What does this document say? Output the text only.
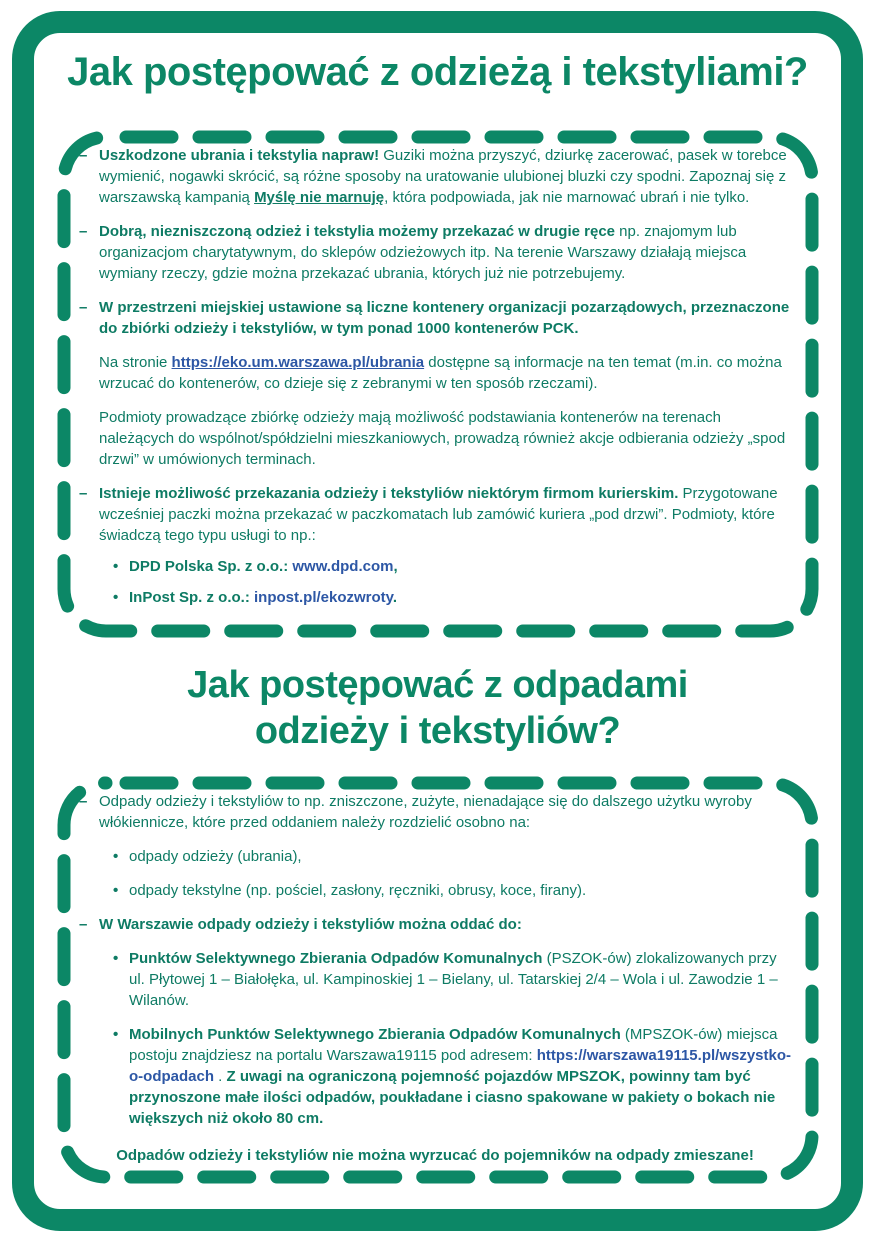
Jak postępować z odzieżą i tekstyliami?
– Uszkodzone ubrania i tekstylia napraw! Guziki można przyszyć, dziurkę zacerować, pasek w torebce wymienić, nogawki skrócić, są różne sposoby na uratowanie ulubionej bluzki czy spodni. Zapoznaj się z warszawską kampanią Myślę nie marnuję, która podpowiada, jak nie marnować ubrań i nie tylko.

– Dobrą, niezniszczoną odzież i tekstylia możemy przekazać w drugie ręce np. znajomym lub organizacjom charytatywnym, do sklepów odzieżowych itp. Na terenie Warszawy działają miejsca wymiany rzeczy, gdzie można przekazać ubrania, których już nie potrzebujemy.

– W przestrzeni miejskiej ustawione są liczne kontenery organizacji pozarządowych, przeznaczone do zbiórki odzieży i tekstyliów, w tym ponad 1000 kontenerów PCK.

Na stronie https://eko.um.warszawa.pl/ubrania dostępne są informacje na ten temat (m.in. co można wrzucać do kontenerów, co dzieje się z zebranymi w ten sposób rzeczami).

Podmioty prowadzące zbiórkę odzieży mają możliwość podstawiania kontenerów na terenach należących do wspólnot/spółdzielni mieszkaniowych, prowadzą również akcje odbierania odzieży „spod drzwi” w umówionych terminach.

– Istnieje możliwość przekazania odzieży i tekstyliów niektórym firmom kurierskim. Przygotowane wcześniej paczki można przekazać w paczkomatach lub zamówić kuriera „pod drzwi”. Podmioty, które świadczą tego typu usługi to np.:

• DPD Polska Sp. z o.o.: www.dpd.com,

• InPost Sp. z o.o.: inpost.pl/ekozwroty.

Jak postępować z odpadami
odzieży i tekstyliów?
– Odpady odzieży i tekstyliów to np. zniszczone, zużyte, nienadające się do dalszego użytku wyroby włókiennicze, które przed oddaniem należy rozdzielić osobno na:

• odpady odzieży (ubrania),

• odpady tekstylne (np. pościel, zasłony, ręczniki, obrusy, koce, firany).

– W Warszawie odpady odzieży i tekstyliów można oddać do:

• Punktów Selektywnego Zbierania Odpadów Komunalnych (PSZOK-ów) zlokalizowanych przy ul. Płytowej 1 – Białołęka, ul. Kampinoskiej 1 – Bielany, ul. Tatarskiej 2/4 – Wola i ul. Zawodzie 1 – Wilanów.

• Mobilnych Punktów Selektywnego Zbierania Odpadów Komunalnych (MPSZOK-ów) miejsca postoju znajdziesz na portalu Warszawa19115 pod adresem: https://warszawa19115.pl/wszystko-o-odpadach . Z uwagi na ograniczoną pojemność pojazdów MPSZOK, powinny tam być przynoszone małe ilości odpadów, poukładane i ciasno spakowane w pakiety o bokach nie większych niż około 80 cm.

Odpadów odzieży i tekstyliów nie można wyrzucać do pojemników na odpady zmieszane!
